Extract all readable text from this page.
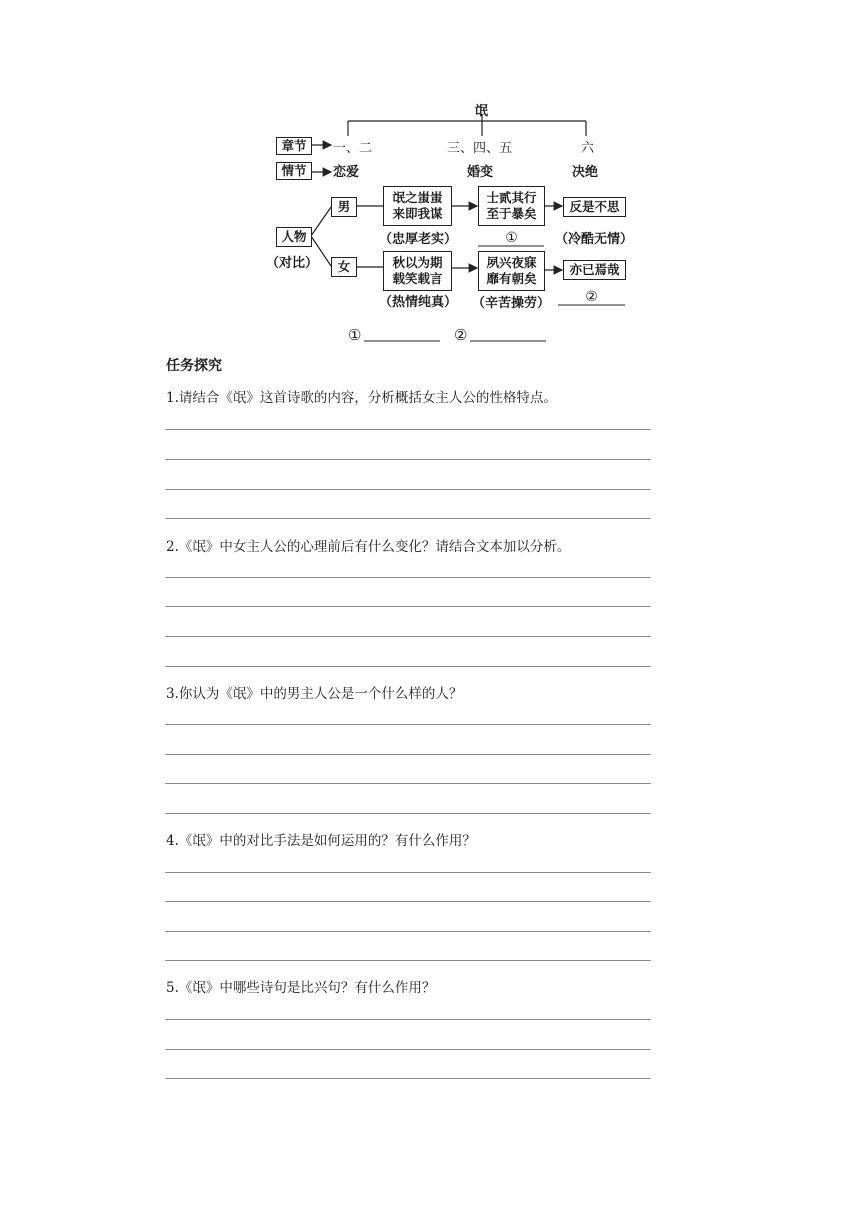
氓
章节
情节
一、二	三、四、五	六
恋爱	婚变	决绝
人物
（对比）
男
氓之蚩蚩
来即我谋
（忠厚老实）
士贰其行
至于暴矣
①
反是不思
（冷酷无情）
女	秋以为期
载笑载言
（热情纯真）
夙兴夜寐
靡有朝矣
（辛苦操劳）
亦已焉哉
②
①	②
任务探究
1.请结合《氓》这首诗歌的内容，分析概括女主人公的性格特点。
2.《氓》中女主人公的心理前后有什么变化？请结合文本加以分析。
3.你认为《氓》中的男主人公是一个什么样的人？
4.《氓》中的对比手法是如何运用的？有什么作用？
5.《氓》中哪些诗句是比兴句？有什么作用？
